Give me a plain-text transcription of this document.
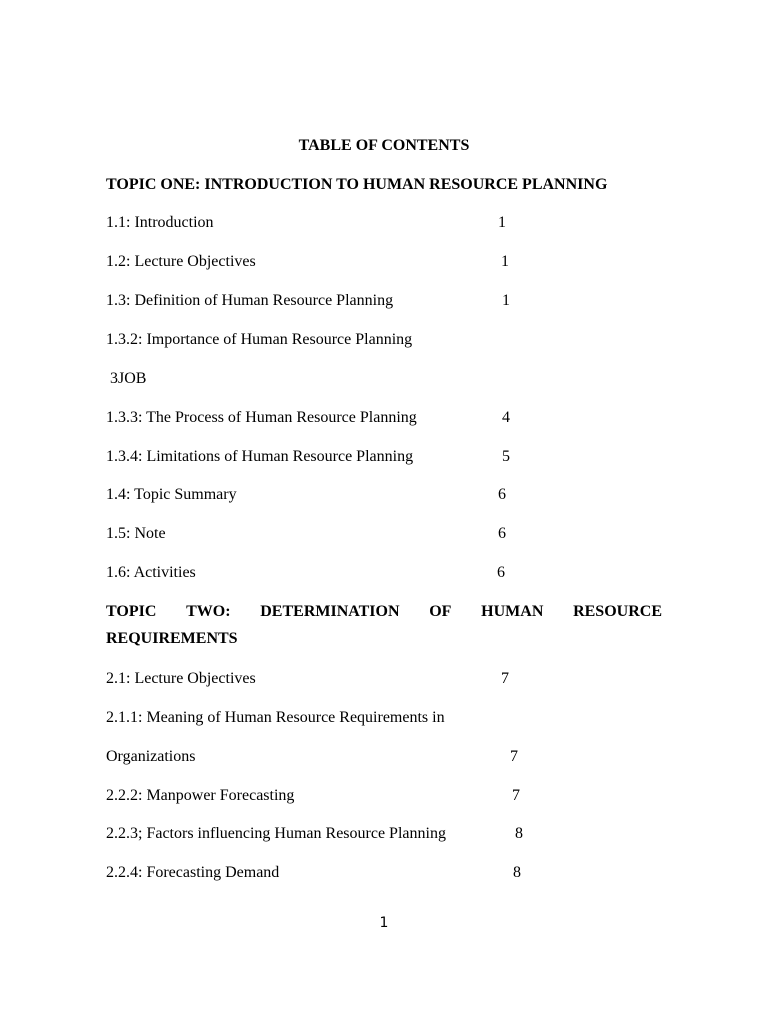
TABLE OF CONTENTS
TOPIC ONE: INTRODUCTION TO HUMAN RESOURCE PLANNING
1.1: Introduction	1
1.2: Lecture Objectives	1
1.3: Definition of Human Resource Planning	1
1.3.2: Importance of Human Resource Planning
3JOB
1.3.3: The Process of Human Resource Planning	4
1.3.4: Limitations of Human Resource Planning	5
1.4: Topic Summary	6
1.5: Note	6
1.6: Activities	6
TOPIC TWO: DETERMINATION OF HUMAN RESOURCE
REQUIREMENTS
2.1: Lecture Objectives	7
2.1.1: Meaning of Human Resource Requirements in
Organizations	7
2.2.2: Manpower Forecasting	7
2.2.3; Factors influencing Human Resource Planning	8
2.2.4: Forecasting Demand	8
1
